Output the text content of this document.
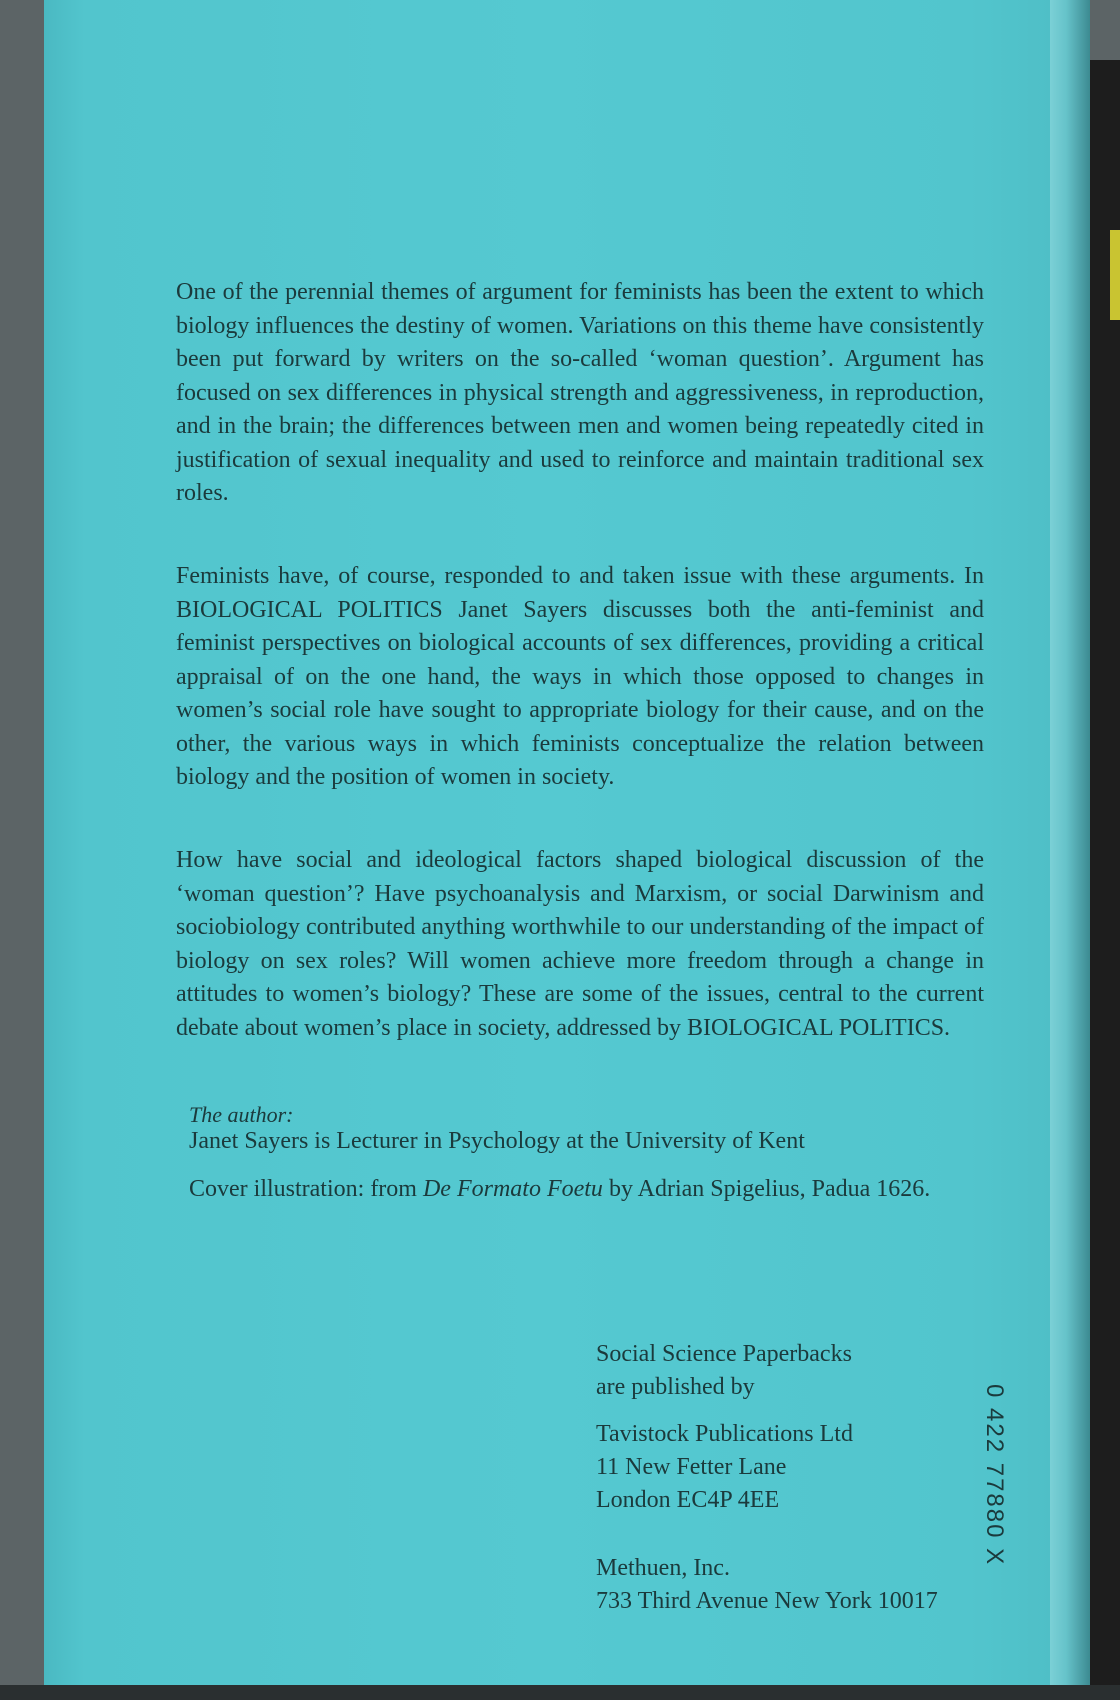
One of the perennial themes of argument for feminists has been the extent to which biology influences the destiny of women. Variations on this theme have consistently been put forward by writers on the so-called ‘woman question’. Argument has focused on sex differences in physical strength and aggressiveness, in reproduction, and in the brain; the differences between men and women being repeatedly cited in justification of sexual inequality and used to reinforce and maintain traditional sex roles.

Feminists have, of course, responded to and taken issue with these arguments. In BIOLOGICAL POLITICS Janet Sayers discusses both the anti-feminist and feminist perspectives on biological accounts of sex differences, providing a critical appraisal of on the one hand, the ways in which those opposed to changes in women’s social role have sought to appropriate biology for their cause, and on the other, the various ways in which feminists conceptualize the relation between biology and the position of women in society.

How have social and ideological factors shaped biological discussion of the ‘woman question’? Have psychoanalysis and Marxism, or social Darwinism and sociobiology contributed anything worthwhile to our understanding of the impact of biology on sex roles? Will women achieve more freedom through a change in attitudes to women’s biology? These are some of the issues, central to the current debate about women’s place in society, addressed by BIOLOGICAL POLITICS.

The author:
Janet Sayers is Lecturer in Psychology at the University of Kent
Cover illustration: from De Formato Foetu by Adrian Spigelius, Padua 1626.
Social Science Paperbacks
are published by
Tavistock Publications Ltd
11 New Fetter Lane
London EC4P 4EE
Methuen, Inc.
733 Third Avenue New York 10017
